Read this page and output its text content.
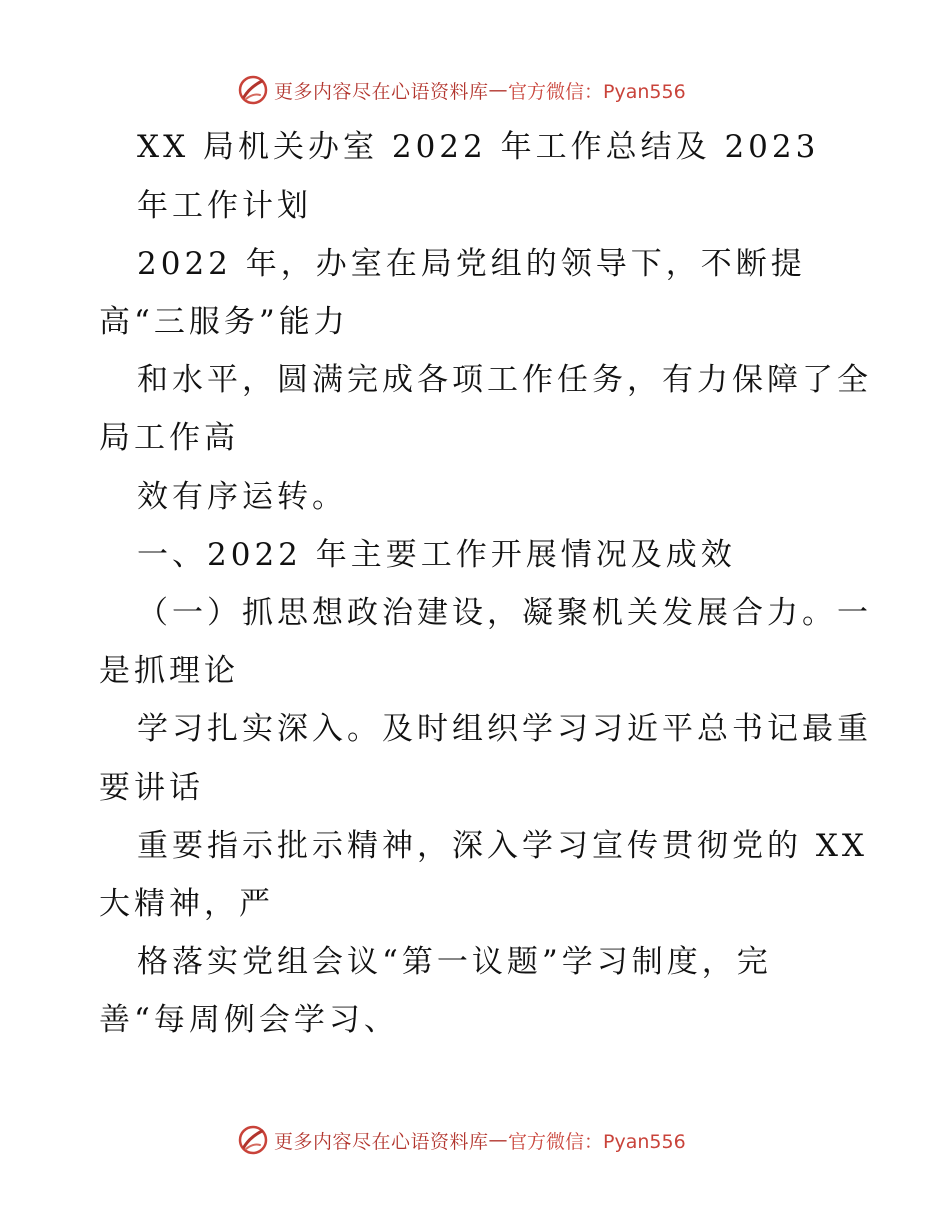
更多内容尽在心语资料库 — 官方微信：Pyan556
XX 局机关办室 2022 年工作总结及 2023
年工作计划
2022 年，办室在局党组的领导下，不断提
高“三服务”能力
和水平，圆满完成各项工作任务，有力保障了全
局工作高
效有序运转。
一、2022 年主要工作开展情况及成效
（一）抓思想政治建设，凝聚机关发展合力。一
是抓理论
学习扎实深入。及时组织学习习近平总书记最重
要讲话
重要指示批示精神，深入学习宣传贯彻党的 XX
大精神，严
格落实党组会议“第一议题”学习制度，完
善“每周例会学习、
更多内容尽在心语资料库 — 官方微信：Pyan556
